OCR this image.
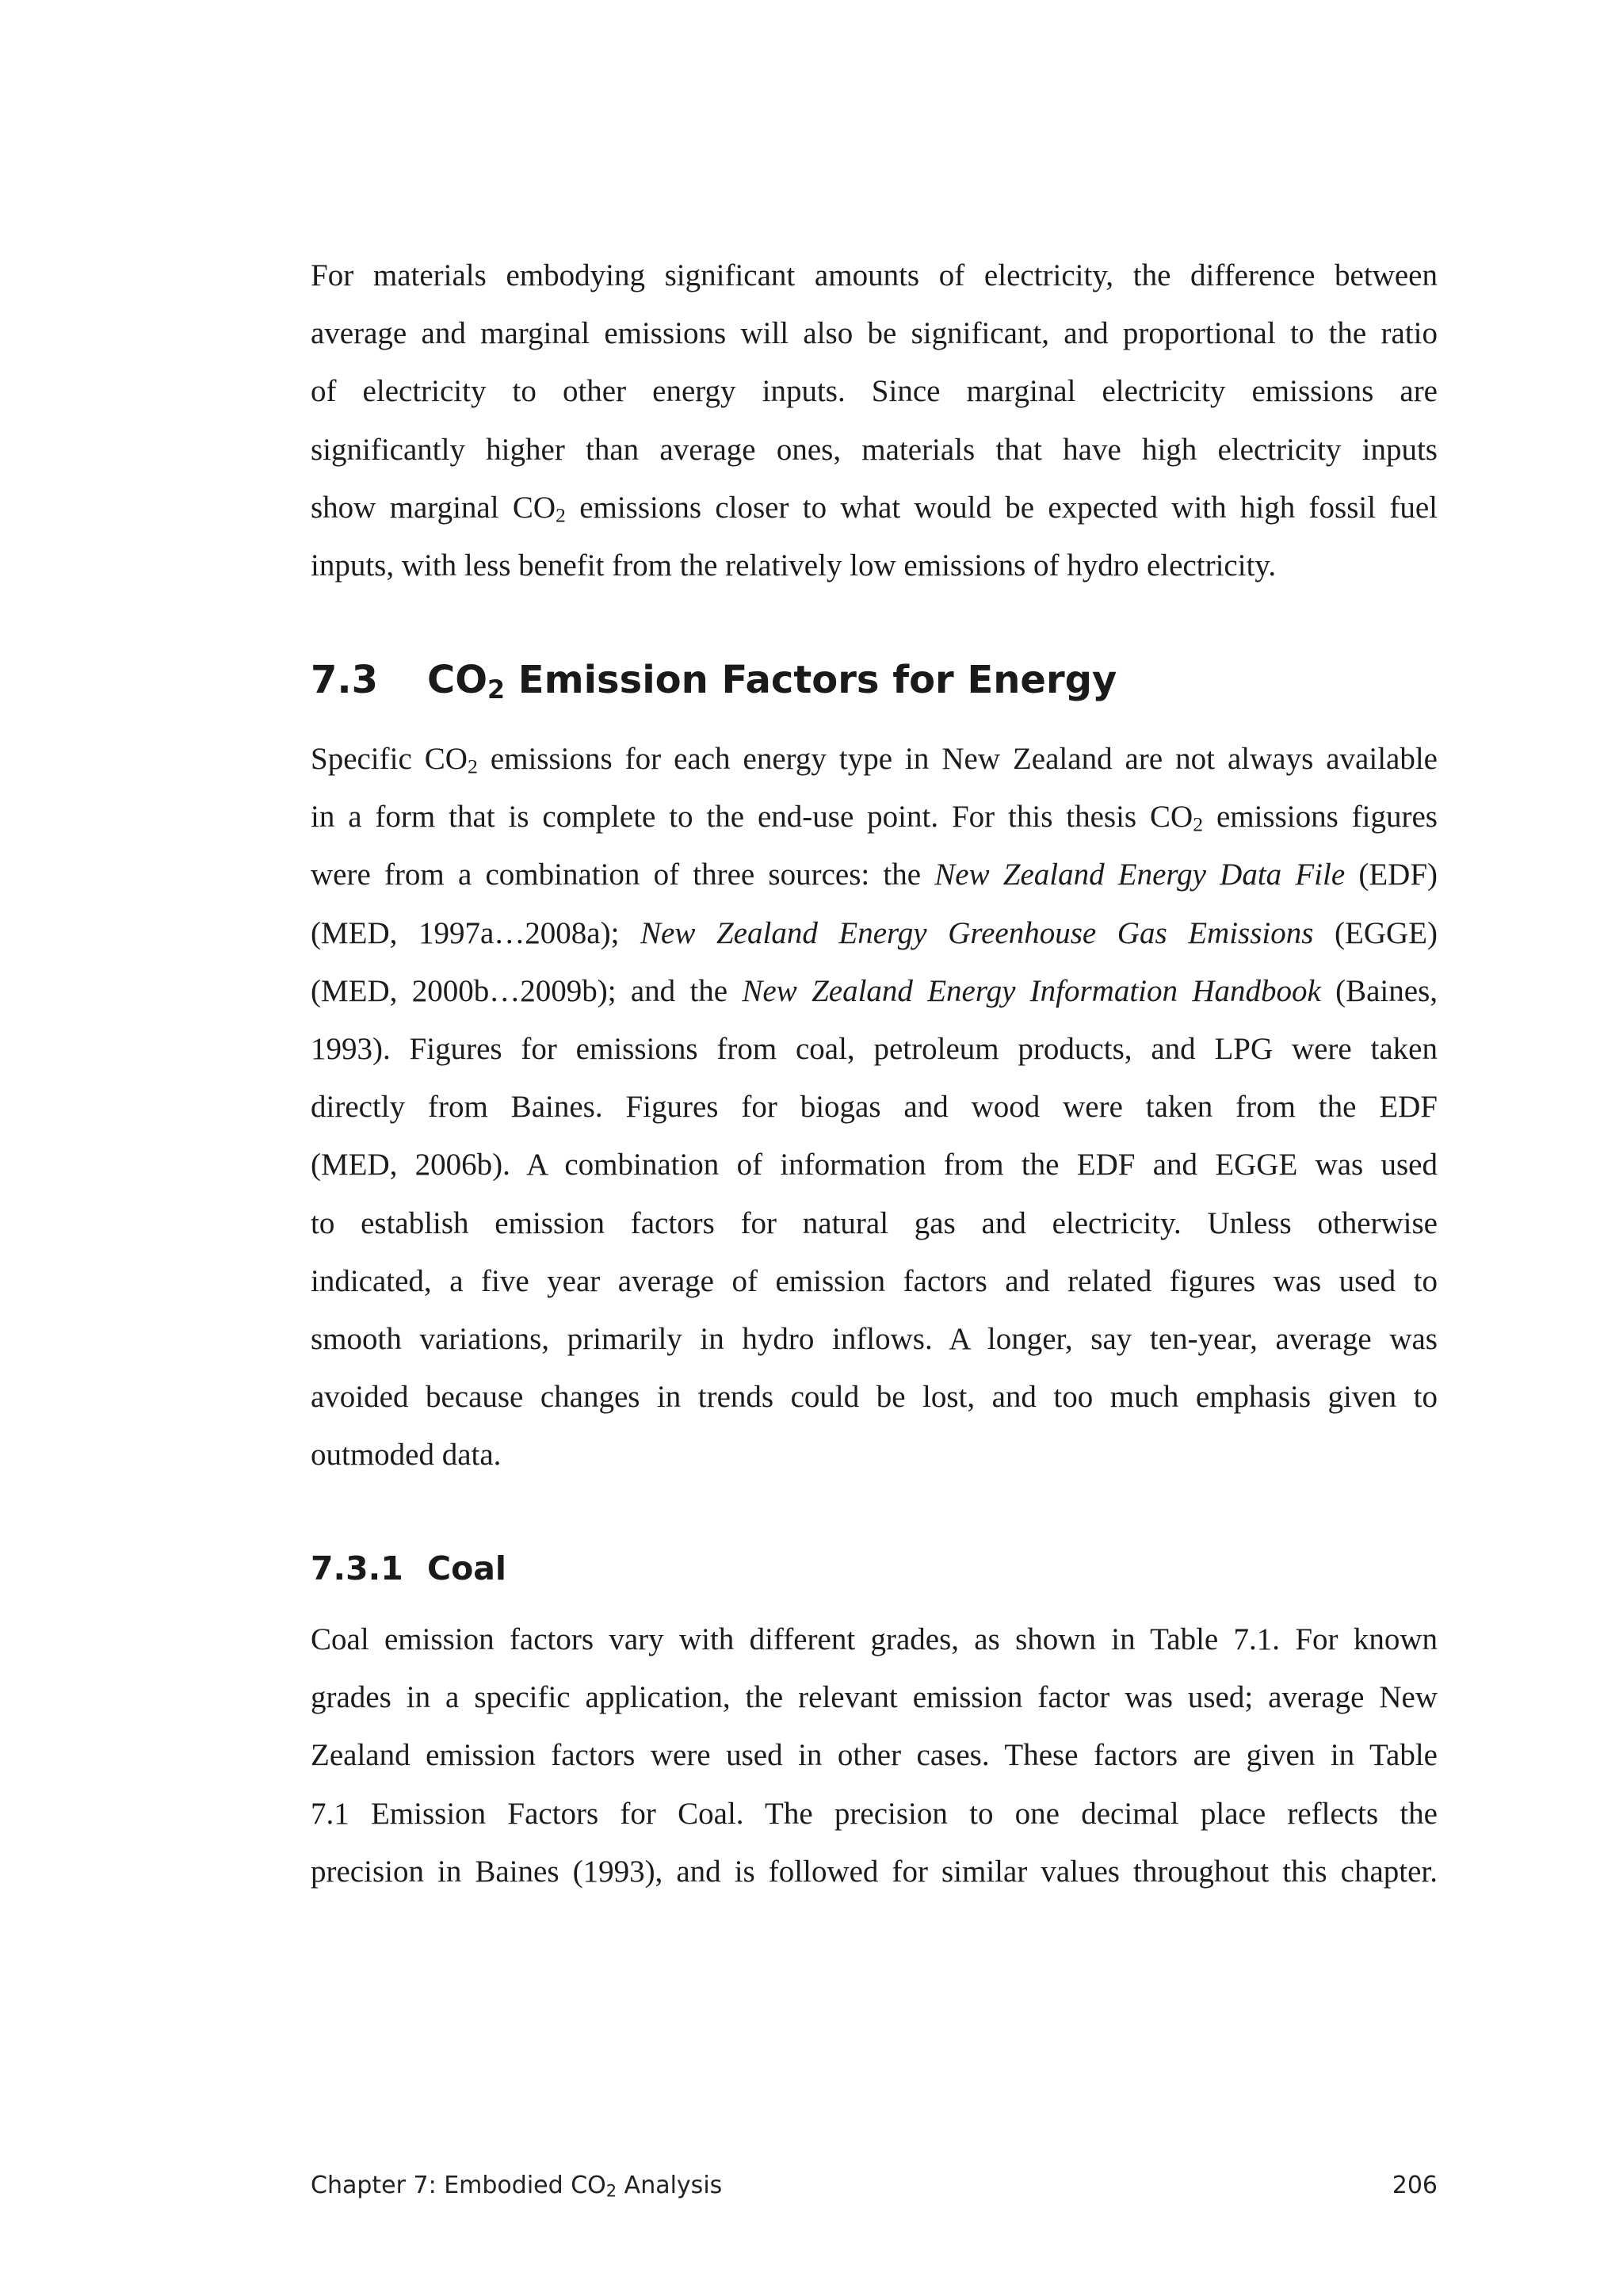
For materials embodying significant amounts of electricity, the difference between
average and marginal emissions will also be significant, and proportional to the ratio
of electricity to other energy inputs. Since marginal electricity emissions are
significantly higher than average ones, materials that have high electricity inputs
show marginal $CO_2$ emissions closer to what would be expected with high fossil fuel
inputs, with less benefit from the relatively low emissions of hydro electricity.
7.3 $CO_2$ Emission Factors for Energy
Specific $CO_2$ emissions for each energy type in New Zealand are not always available
in a form that is complete to the end-use point. For this thesis $CO_2$ emissions figures
were from a combination of three sources: the New Zealand Energy Data File (EDF)
(MED, 1997a…2008a); New Zealand Energy Greenhouse Gas Emissions (EGGE)
(MED, 2000b…2009b); and the New Zealand Energy Information Handbook (Baines,
1993). Figures for emissions from coal, petroleum products, and LPG were taken
directly from Baines. Figures for biogas and wood were taken from the EDF
(MED, 2006b). A combination of information from the EDF and EGGE was used
to establish emission factors for natural gas and electricity. Unless otherwise
indicated, a five year average of emission factors and related figures was used to
smooth variations, primarily in hydro inflows. A longer, say ten-year, average was
avoided because changes in trends could be lost, and too much emphasis given to
outmoded data.
7.3.1 Coal
Coal emission factors vary with different grades, as shown in Table 7.1. For known
grades in a specific application, the relevant emission factor was used; average New
Zealand emission factors were used in other cases. These factors are given in Table
7.1 Emission Factors for Coal. The precision to one decimal place reflects the
precision in Baines (1993), and is followed for similar values throughout this chapter.
Chapter 7: Embodied $CO_2$ Analysis	206
